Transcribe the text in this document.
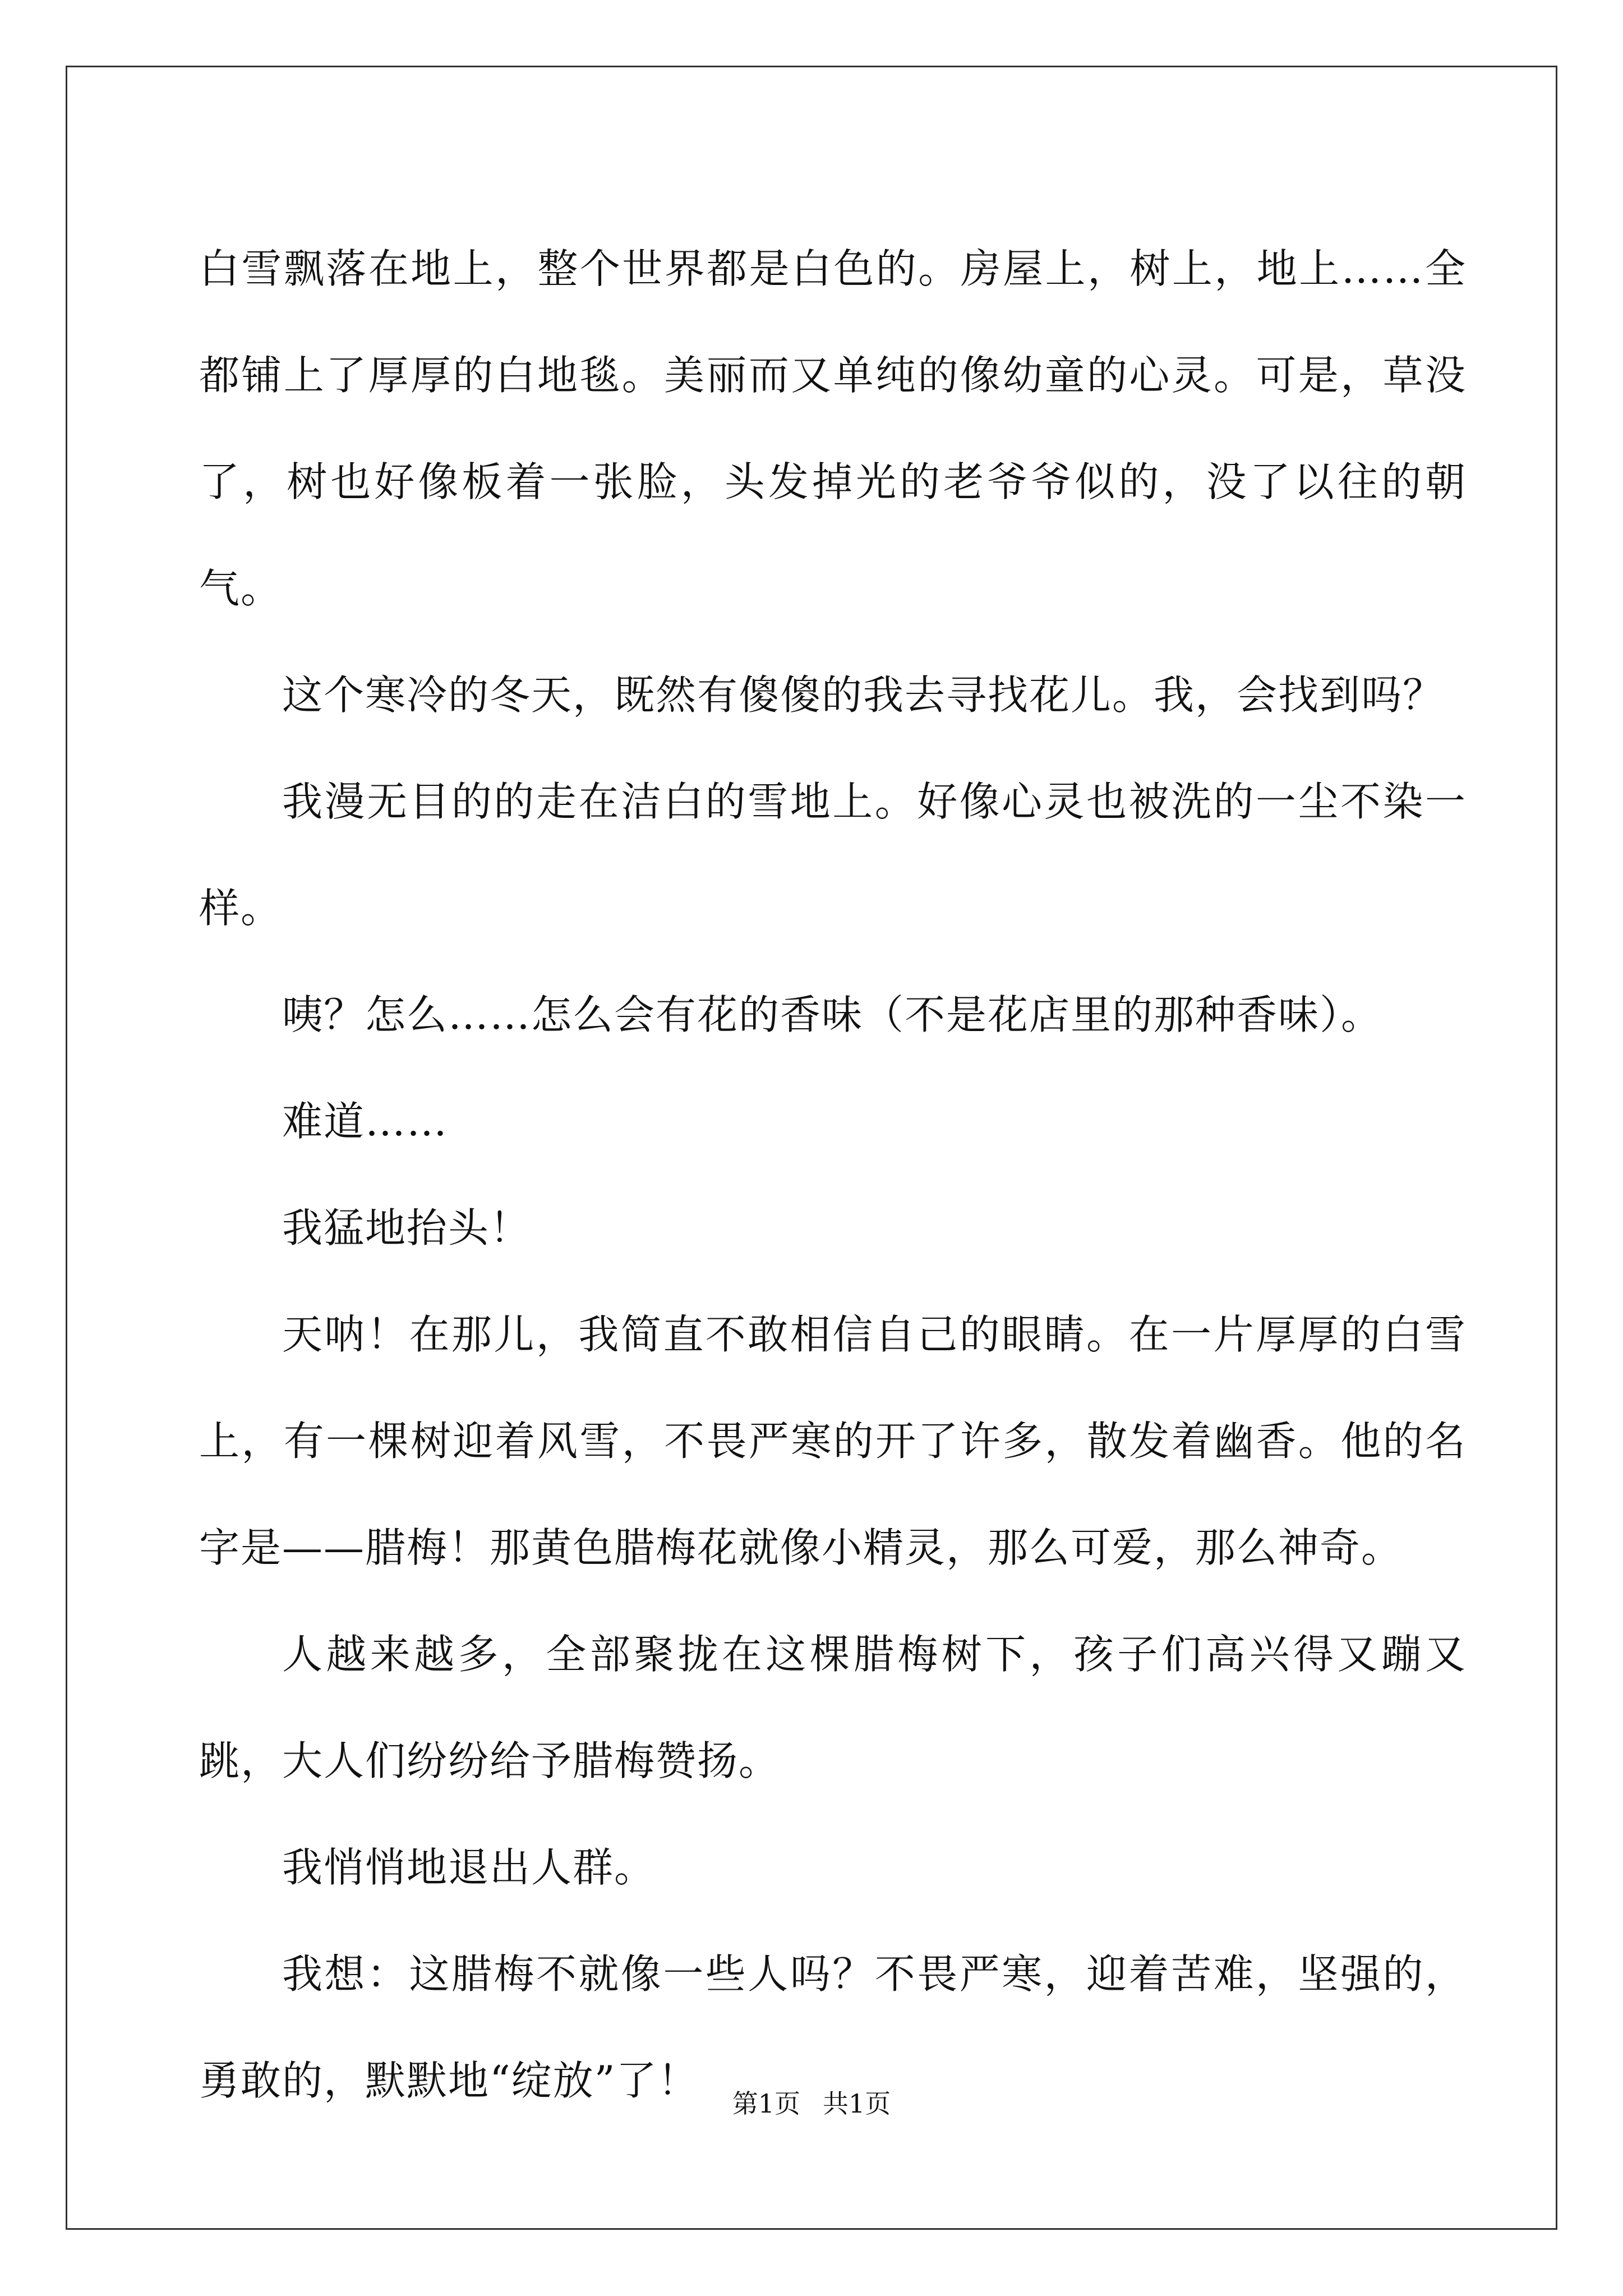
白雪飘落在地上，整个世界都是白色的。房屋上，树上，地上……全都铺上了厚厚的白地毯。美丽而又单纯的像幼童的心灵。可是，草没了，树也好像板着一张脸，头发掉光的老爷爷似的，没了以往的朝气。

这个寒冷的冬天，既然有傻傻的我去寻找花儿。我，会找到吗？

我漫无目的的走在洁白的雪地上。好像心灵也被洗的一尘不染一样。

咦？怎么……怎么会有花的香味（不是花店里的那种香味）。

难道……

我猛地抬头！

天呐！在那儿，我简直不敢相信自己的眼睛。在一片厚厚的白雪上，有一棵树迎着风雪，不畏严寒的开了许多，散发着幽香。他的名字是——腊梅！那黄色腊梅花就像小精灵，那么可爱，那么神奇。

人越来越多，全部聚拢在这棵腊梅树下，孩子们高兴得又蹦又跳，大人们纷纷给予腊梅赞扬。

我悄悄地退出人群。

我想：这腊梅不就像一些人吗？不畏严寒，迎着苦难，坚强的，勇敢的，默默地“绽放”了！	第1页 共1页
